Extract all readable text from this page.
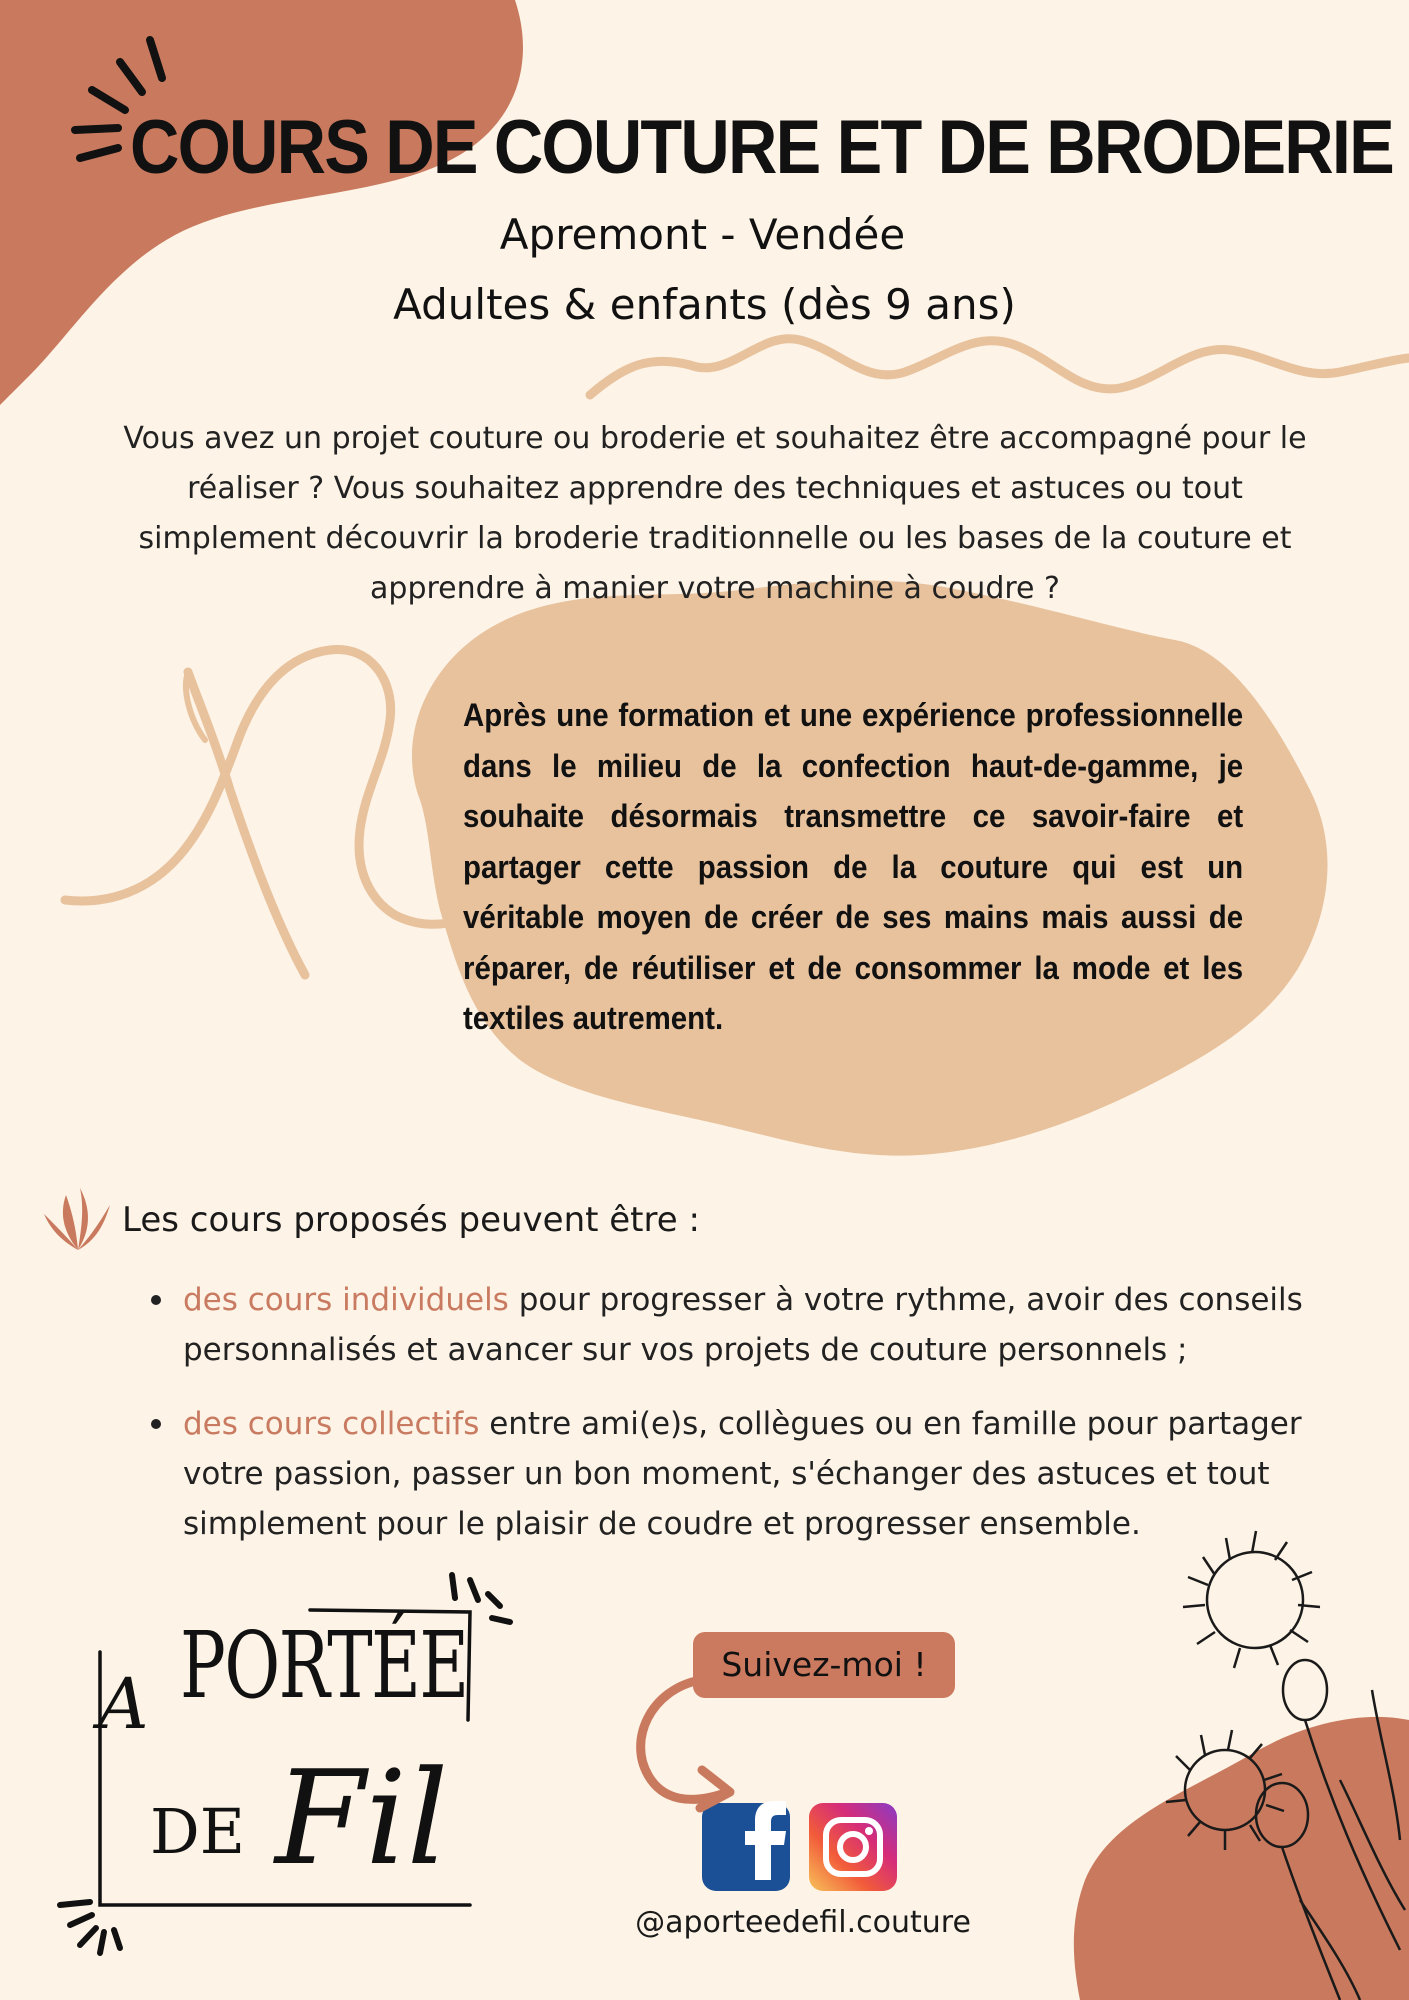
COURS DE COUTURE ET DE BRODERIE
Apremont - Vendée
Adultes & enfants (dès 9 ans)

Vous avez un projet couture ou broderie et souhaitez être accompagné pour le réaliser ? Vous souhaitez apprendre des techniques et astuces ou tout simplement découvrir la broderie traditionnelle ou les bases de la couture et apprendre à manier votre machine à coudre ?

Après une formation et une expérience professionnelle dans le milieu de la confection haut-de-gamme, je souhaite désormais transmettre ce savoir-faire et partager cette passion de la couture qui est un véritable moyen de créer de ses mains mais aussi de réparer, de réutiliser et de consommer la mode et les textiles autrement.

Les cours proposés peuvent être :
des cours individuels pour progresser à votre rythme, avoir des conseils personnalisés et avancer sur vos projets de couture personnels ;
des cours collectifs entre ami(e)s, collègues ou en famille pour partager votre passion, passer un bon moment, s'échanger des astuces et tout simplement pour le plaisir de coudre et progresser ensemble.
A PORTÉE
DE Fil
Suivez-moi !
@aporteedefil.couture
